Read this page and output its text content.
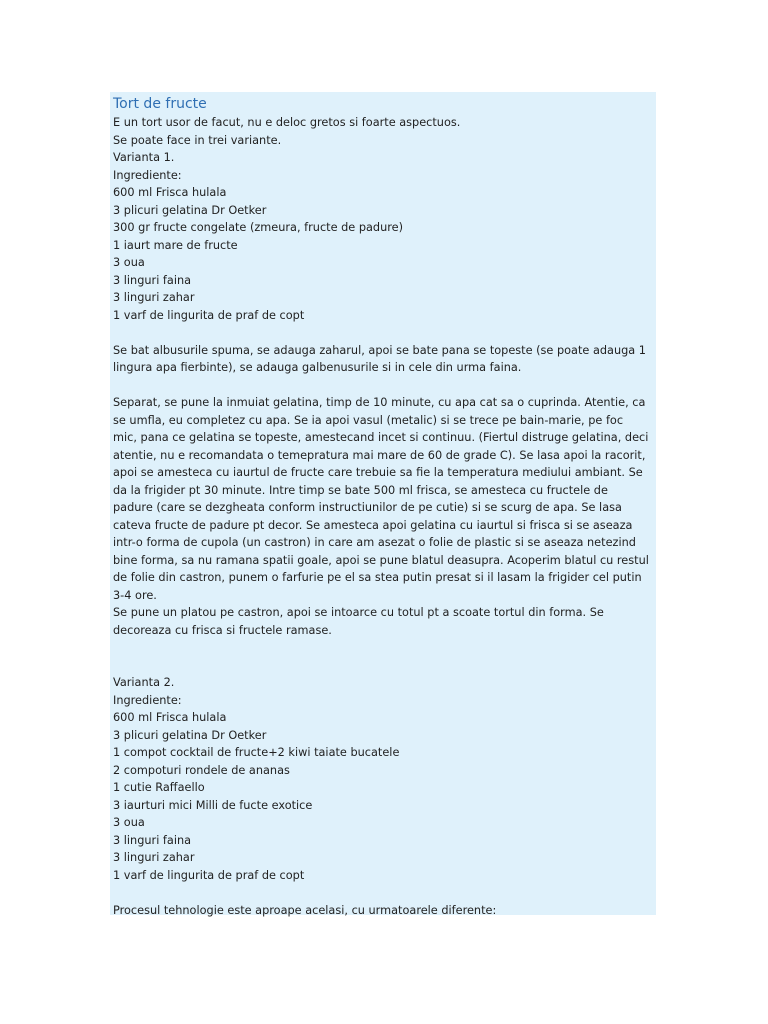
Tort de fructe
E un tort usor de facut, nu e deloc gretos si foarte aspectuos.
Se poate face in trei variante.
Varianta 1.
Ingrediente:
600 ml Frisca hulala
3 plicuri gelatina Dr Oetker
300 gr fructe congelate (zmeura, fructe de padure)
1 iaurt mare de fructe
3 oua
3 linguri faina
3 linguri zahar
1 varf de lingurita de praf de copt
Se bat albusurile spuma, se adauga zaharul, apoi se bate pana se topeste (se poate adauga 1
lingura apa fierbinte), se adauga galbenusurile si in cele din urma faina.
Separat, se pune la inmuiat gelatina, timp de 10 minute, cu apa cat sa o cuprinda. Atentie, ca
se umfla, eu completez cu apa. Se ia apoi vasul (metalic) si se trece pe bain-marie, pe foc
mic, pana ce gelatina se topeste, amestecand incet si continuu. (Fiertul distruge gelatina, deci
atentie, nu e recomandata o temepratura mai mare de 60 de grade C). Se lasa apoi la racorit,
apoi se amesteca cu iaurtul de fructe care trebuie sa fie la temperatura mediului ambiant. Se
da la frigider pt 30 minute. Intre timp se bate 500 ml frisca, se amesteca cu fructele de
padure (care se dezgheata conform instructiunilor de pe cutie) si se scurg de apa. Se lasa
cateva fructe de padure pt decor. Se amesteca apoi gelatina cu iaurtul si frisca si se aseaza
intr-o forma de cupola (un castron) in care am asezat o folie de plastic si se aseaza netezind
bine forma, sa nu ramana spatii goale, apoi se pune blatul deasupra. Acoperim blatul cu restul
de folie din castron, punem o farfurie pe el sa stea putin presat si il lasam la frigider cel putin
3-4 ore.
Se pune un platou pe castron, apoi se intoarce cu totul pt a scoate tortul din forma. Se
decoreaza cu frisca si fructele ramase.
Varianta 2.
Ingrediente:
600 ml Frisca hulala
3 plicuri gelatina Dr Oetker
1 compot cocktail de fructe+2 kiwi taiate bucatele
2 compoturi rondele de ananas
1 cutie Raffaello
3 iaurturi mici Milli de fucte exotice
3 oua
3 linguri faina
3 linguri zahar
1 varf de lingurita de praf de copt
Procesul tehnologie este aproape acelasi, cu urmatoarele diferente:
